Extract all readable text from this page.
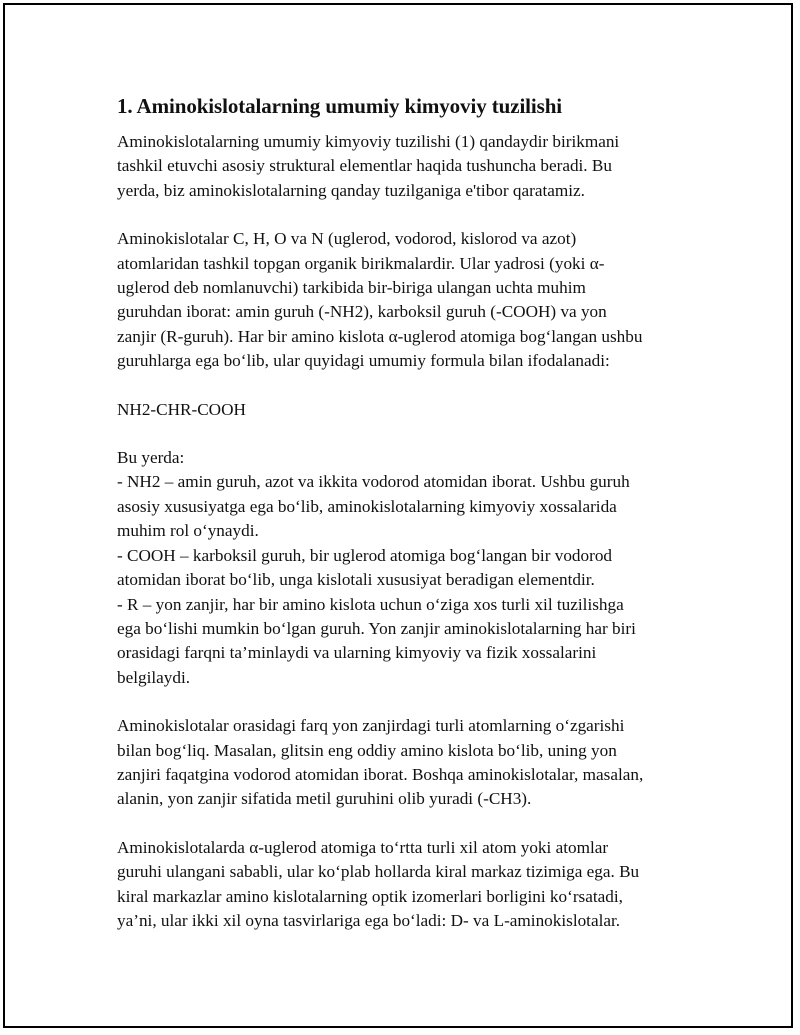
1. Aminokislotalarning umumiy kimyoviy tuzilishi

Aminokislotalarning umumiy kimyoviy tuzilishi (1) qandaydir birikmani
tashkil etuvchi asosiy struktural elementlar haqida tushuncha beradi. Bu
yerda, biz aminokislotalarning qanday tuzilganiga e'tibor qaratamiz.

Aminokislotalar C, H, O va N (uglerod, vodorod, kislorod va azot)
atomlaridan tashkil topgan organik birikmalardir. Ular yadrosi (yoki α-
uglerod deb nomlanuvchi) tarkibida bir-biriga ulangan uchta muhim
guruhdan iborat: amin guruh (-NH2), karboksil guruh (-COOH) va yon
zanjir (R-guruh). Har bir amino kislota α-uglerod atomiga bog‘langan ushbu
guruhlarga ega bo‘lib, ular quyidagi umumiy formula bilan ifodalanadi:

NH2-CHR-COOH

Bu yerda:
- NH2 – amin guruh, azot va ikkita vodorod atomidan iborat. Ushbu guruh
asosiy xususiyatga ega bo‘lib, aminokislotalarning kimyoviy xossalarida
muhim rol o‘ynaydi.
- COOH – karboksil guruh, bir uglerod atomiga bog‘langan bir vodorod
atomidan iborat bo‘lib, unga kislotali xususiyat beradigan elementdir.
- R – yon zanjir, har bir amino kislota uchun o‘ziga xos turli xil tuzilishga
ega bo‘lishi mumkin bo‘lgan guruh. Yon zanjir aminokislotalarning har biri
orasidagi farqni ta’minlaydi va ularning kimyoviy va fizik xossalarini
belgilaydi.

Aminokislotalar orasidagi farq yon zanjirdagi turli atomlarning o‘zgarishi
bilan bog‘liq. Masalan, glitsin eng oddiy amino kislota bo‘lib, uning yon
zanjiri faqatgina vodorod atomidan iborat. Boshqa aminokislotalar, masalan,
alanin, yon zanjir sifatida metil guruhini olib yuradi (-CH3).

Aminokislotalarda α-uglerod atomiga to‘rtta turli xil atom yoki atomlar
guruhi ulangani sababli, ular ko‘plab hollarda kiral markaz tizimiga ega. Bu
kiral markazlar amino kislotalarning optik izomerlari borligini ko‘rsatadi,
ya’ni, ular ikki xil oyna tasvirlariga ega bo‘ladi: D- va L-aminokislotalar.
